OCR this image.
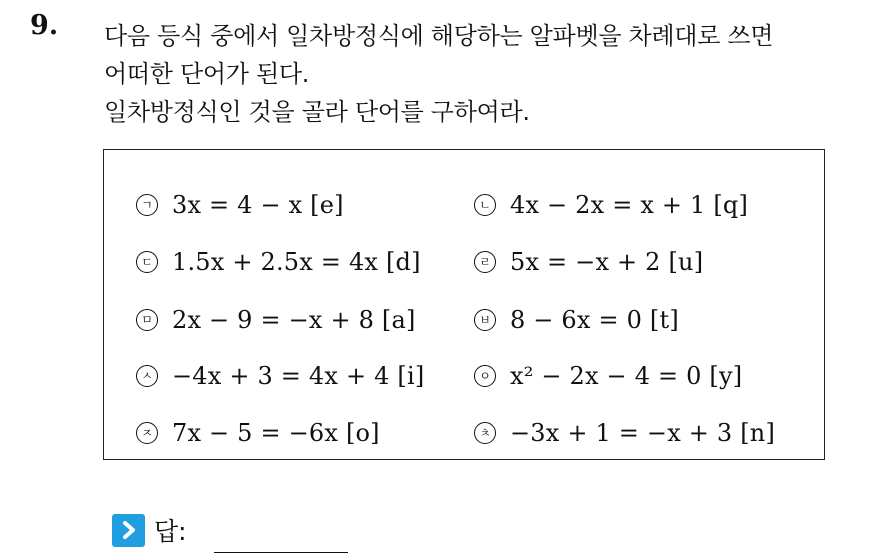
9. 다음 등식 중에서 일차방정식에 해당하는 알파벳을 차례대로 쓰면
어떠한 단어가 된다.
일차방정식인 것을 골라 단어를 구하여라.
ㄱ 3x = 4 − x [e]	ㄴ 4x − 2x = x + 1 [q]
ㄷ 1.5x + 2.5x = 4x [d]	ㄹ 5x = −x + 2 [u]
ㅁ 2x − 9 = −x + 8 [a]	ㅂ 8 − 6x = 0 [t]
ㅅ −4x + 3 = 4x + 4 [i]	ㅇ x² − 2x − 4 = 0 [y]
ㅈ 7x − 5 = −6x [o]	ㅊ −3x + 1 = −x + 3 [n]
답:
